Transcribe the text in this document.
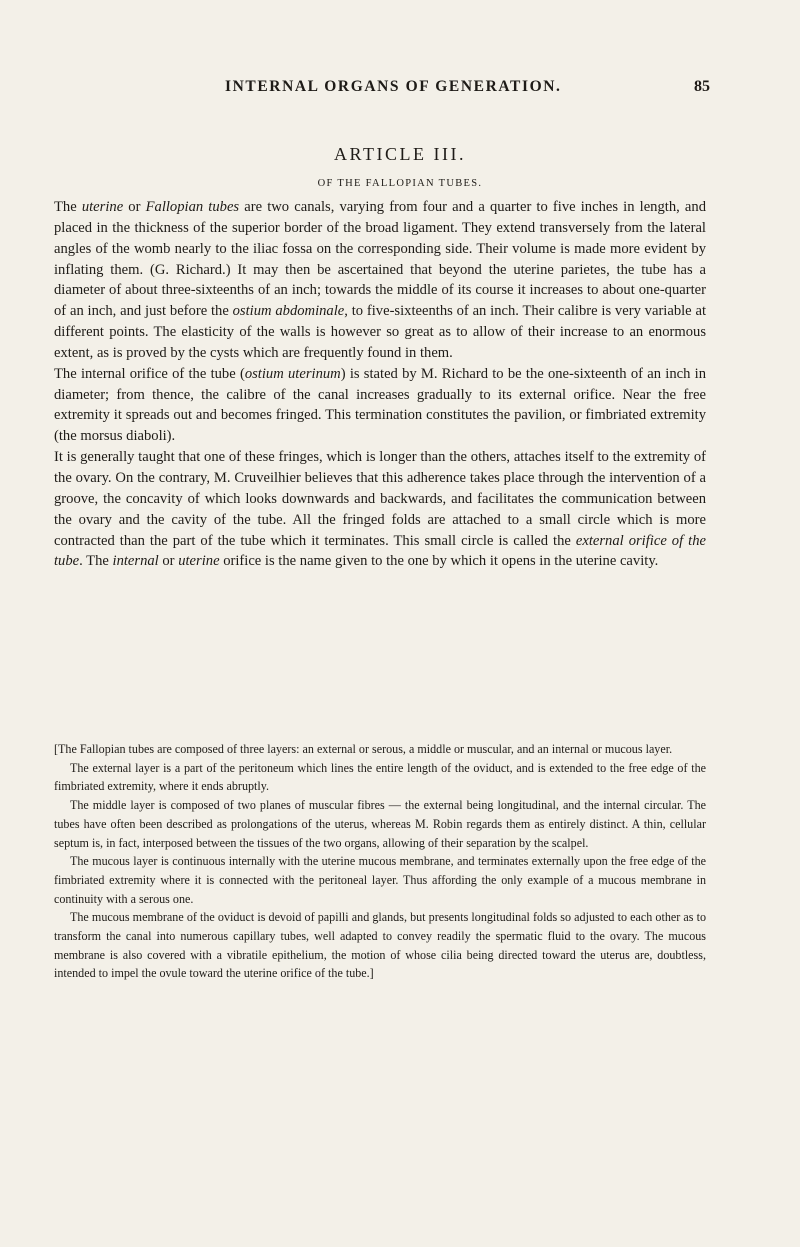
INTERNAL ORGANS OF GENERATION.	85
ARTICLE III.
OF THE FALLOPIAN TUBES.

The uterine or Fallopian tubes are two canals, varying from four and a quarter to five inches in length, and placed in the thickness of the superior border of the broad ligament. They extend transversely from the lateral angles of the womb nearly to the iliac fossa on the corresponding side. Their volume is made more evident by inflating them. (G. Richard.) It may then be ascertained that beyond the uterine parietes, the tube has a diameter of about three-sixteenths of an inch; towards the middle of its course it increases to about one-quarter of an inch, and just before the ostium abdominale, to five-sixteenths of an inch. Their calibre is very variable at different points. The elasticity of the walls is however so great as to allow of their increase to an enormous extent, as is proved by the cysts which are frequently found in them.

The internal orifice of the tube (ostium uterinum) is stated by M. Richard to be the one-sixteenth of an inch in diameter; from thence, the calibre of the canal increases gradually to its external orifice. Near the free extremity it spreads out and becomes fringed. This termination constitutes the pavilion, or fimbriated extremity (the morsus diaboli).

It is generally taught that one of these fringes, which is longer than the others, attaches itself to the extremity of the ovary. On the contrary, M. Cruveilhier believes that this adherence takes place through the intervention of a groove, the concavity of which looks downwards and backwards, and facilitates the communication between the ovary and the cavity of the tube. All the fringed folds are attached to a small circle which is more contracted than the part of the tube which it terminates. This small circle is called the external orifice of the tube. The internal or uterine orifice is the name given to the one by which it opens in the uterine cavity.

[The Fallopian tubes are composed of three layers: an external or serous, a middle or muscular, and an internal or mucous layer.

The external layer is a part of the peritoneum which lines the entire length of the oviduct, and is extended to the free edge of the fimbriated extremity, where it ends abruptly.

The middle layer is composed of two planes of muscular fibres — the external being longitudinal, and the internal circular. The tubes have often been described as prolongations of the uterus, whereas M. Robin regards them as entirely distinct. A thin, cellular septum is, in fact, interposed between the tissues of the two organs, allowing of their separation by the scalpel.

The mucous layer is continuous internally with the uterine mucous membrane, and terminates externally upon the free edge of the fimbriated extremity where it is connected with the peritoneal layer. Thus affording the only example of a mucous membrane in continuity with a serous one.

The mucous membrane of the oviduct is devoid of papilli and glands, but presents longitudinal folds so adjusted to each other as to transform the canal into numerous capillary tubes, well adapted to convey readily the spermatic fluid to the ovary. The mucous membrane is also covered with a vibratile epithelium, the motion of whose cilia being directed toward the uterus are, doubtless, intended to impel the ovule toward the uterine orifice of the tube.]
